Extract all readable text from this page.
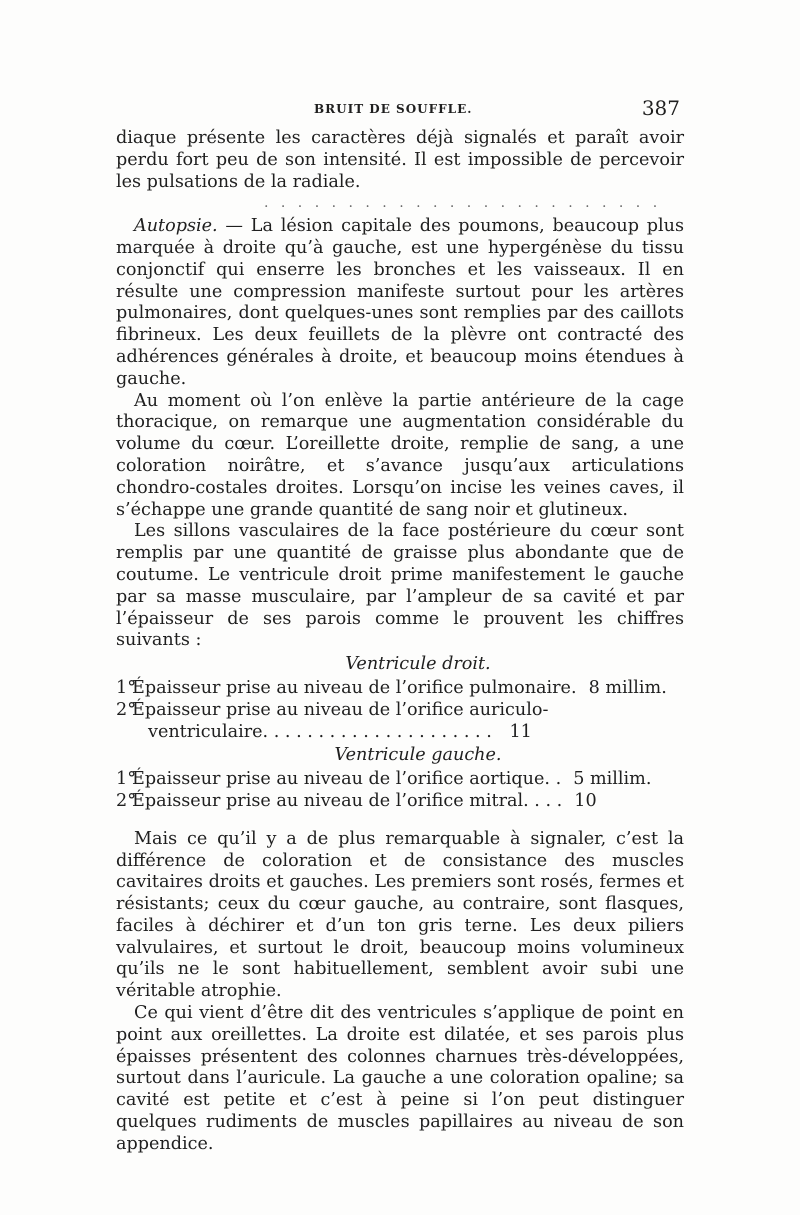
BRUIT DE SOUFFLE.	387

diaque présente les caractères déjà signalés et paraît avoir perdu fort peu de son intensité. Il est impossible de percevoir les pulsations de la radiale.

. . . . . . . . . . . . . . . . . . . . . . . .

Autopsie. — La lésion capitale des poumons, beaucoup plus marquée à droite qu’à gauche, est une hypergénèse du tissu conjonctif qui enserre les bronches et les vaisseaux. Il en résulte une compression manifeste surtout pour les artères pulmonaires, dont quelques-unes sont remplies par des caillots fibrineux. Les deux feuillets de la plèvre ont contracté des adhérences générales à droite, et beaucoup moins étendues à gauche.

Au moment où l’on enlève la partie antérieure de la cage thoracique, on remarque une augmentation considérable du volume du cœur. L’oreillette droite, remplie de sang, a une coloration noirâtre, et s’avance jusqu’aux articulations chondro-costales droites. Lorsqu’on incise les veines caves, il s’échappe une grande quantité de sang noir et glutineux.

Les sillons vasculaires de la face postérieure du cœur sont remplis par une quantité de graisse plus abondante que de coutume. Le ventricule droit prime manifestement le gauche par sa masse musculaire, par l’ampleur de sa cavité et par l’épaisseur de ses parois comme le prouvent les chiffres suivants :

Ventricule droit.

1°
Épaisseur prise au niveau de l’orifice pulmonaire. 8 millim.
2°
Épaisseur prise au niveau de l’orifice auriculo-
ventriculaire. . . . . . . . . . . . . . . . . . . . . 11

Ventricule gauche.

1°
Épaisseur prise au niveau de l’orifice aortique. . 5 millim.
2°
Épaisseur prise au niveau de l’orifice mitral. . . . 10

Mais ce qu’il y a de plus remarquable à signaler, c’est la différence de coloration et de consistance des muscles cavitaires droits et gauches. Les premiers sont rosés, fermes et résistants; ceux du cœur gauche, au contraire, sont flasques, faciles à déchirer et d’un ton gris terne. Les deux piliers valvulaires, et surtout le droit, beaucoup moins volumineux qu’ils ne le sont habituellement, semblent avoir subi une véritable atrophie.

Ce qui vient d’être dit des ventricules s’applique de point en point aux oreillettes. La droite est dilatée, et ses parois plus épaisses présentent des colonnes charnues très-développées, surtout dans l’auricule. La gauche a une coloration opaline; sa cavité est petite et c’est à peine si l’on peut distinguer quelques rudiments de muscles papillaires au niveau de son appendice.
